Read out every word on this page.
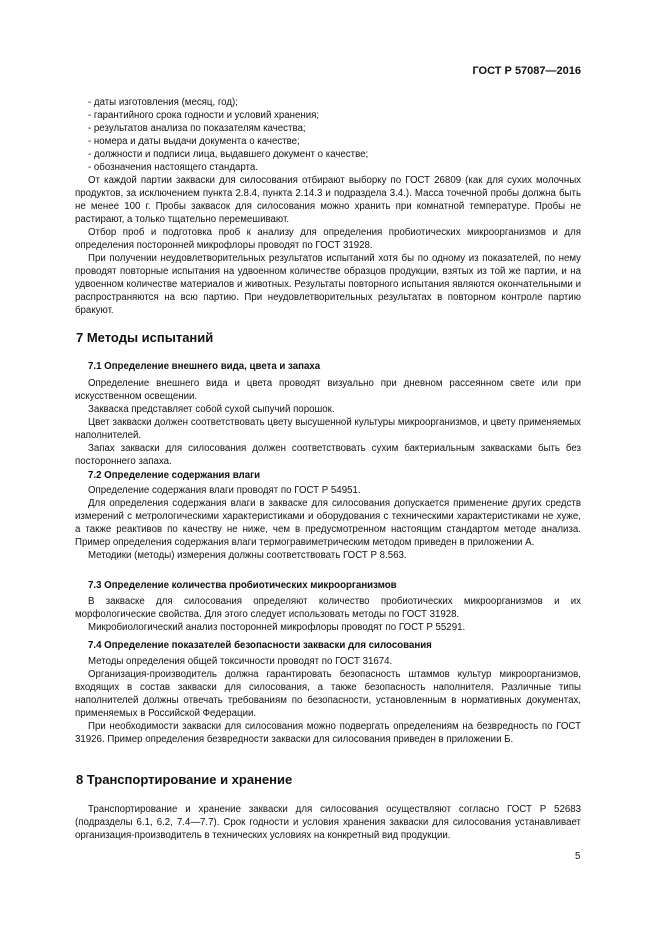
ГОСТ Р 57087—2016
- даты изготовления (месяц, год);
- гарантийного срока годности и условий хранения;
- результатов анализа по показателям качества;
- номера и даты выдачи документа о качестве;
- должности и подписи лица, выдавшего документ о качестве;
- обозначения настоящего стандарта.

От каждой партии закваски для силосования отбирают выборку по ГОСТ 26809 (как для сухих молочных продуктов, за исключением пункта 2.8.4, пункта 2.14.3 и подраздела 3.4.). Масса точечной пробы должна быть не менее 100 г. Пробы заквасок для силосования можно хранить при комнатной температуре. Пробы не растирают, а только тщательно перемешивают.

Отбор проб и подготовка проб к анализу для определения пробиотических микроорганизмов и для определения посторонней микрофлоры проводят по ГОСТ 31928.

При получении неудовлетворительных результатов испытаний хотя бы по одному из показателей, по нему проводят повторные испытания на удвоенном количестве образцов продукции, взятых из той же партии, и на удвоенном количестве материалов и животных. Результаты повторного испытания являются окончательными и распространяются на всю партию. При неудовлетворительных результатах в повторном контроле партию бракуют.

7 Методы испытаний
7.1 Определение внешнего вида, цвета и запаха

Определение внешнего вида и цвета проводят визуально при дневном рассеянном свете или при искусственном освещении.

Закваска представляет собой сухой сыпучий порошок.

Цвет закваски должен соответствовать цвету высушенной культуры микроорганизмов, и цвету применяемых наполнителей.

Запах закваски для силосования должен соответствовать сухим бактериальным заквасками быть без постороннего запаха.

7.2 Определение содержания влаги

Определение содержания влаги проводят по ГОСТ Р 54951.

Для определения содержания влаги в закваске для силосования допускается применение других средств измерений с метрологическими характеристиками и оборудования с техническими характеристиками не хуже, а также реактивов по качеству не ниже, чем в предусмотренном настоящим стандартом методе анализа. Пример определения содержания влаги термогравиметрическим методом приведен в приложении А.

Методики (методы) измерения должны соответствовать ГОСТ Р 8.563.

7.3 Определение количества пробиотических микроорганизмов

В закваске для силосования определяют количество пробиотических микроорганизмов и их морфологические свойства. Для этого следует использовать методы по ГОСТ 31928.

Микробиологический анализ посторонней микрофлоры проводят по ГОСТ Р 55291.

7.4 Определение показателей безопасности закваски для силосования

Методы определения общей токсичности проводят по ГОСТ 31674.

Организация-производитель должна гарантировать безопасность штаммов культур микроорганизмов, входящих в состав закваски для силосования, а также безопасность наполнителя. Различные типы наполнителей должны отвечать требованиям по безопасности, установленным в нормативных документах, применяемых в Российской Федерации.

При необходимости закваски для силосования можно подвергать определениям на безвредность по ГОСТ 31926. Пример определения безвредности закваски для силосования приведен в приложении Б.

8 Транспортирование и хранение

Транспортирование и хранение закваски для силосования осуществляют согласно ГОСТ Р 52683 (подразделы 6.1, 6.2, 7.4—7.7). Срок годности и условия хранения закваски для силосования устанавливает организация-производитель в технических условиях на конкретный вид продукции.

5
